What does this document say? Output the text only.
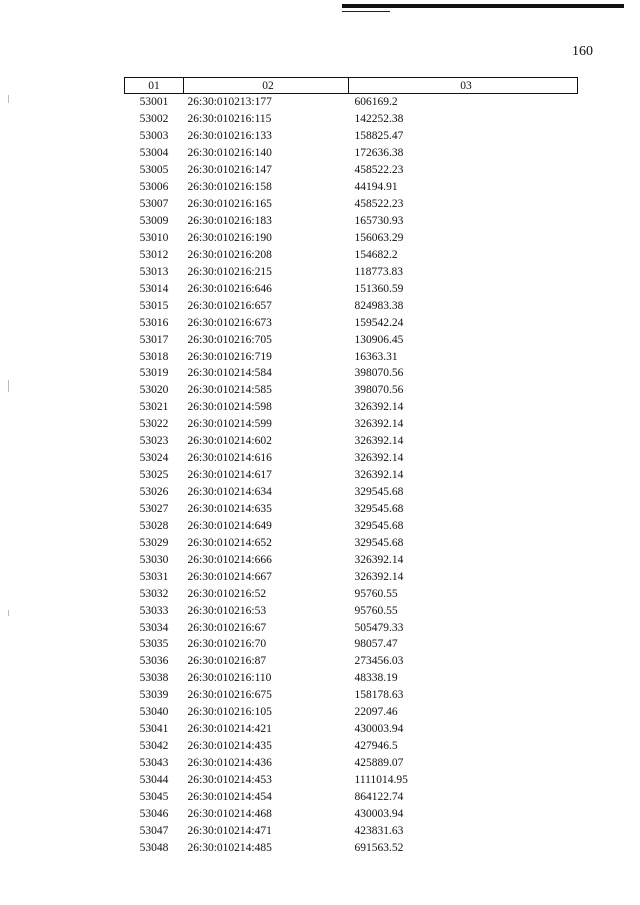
160
01	02	03
53001	26:30:010213:177	606169.2
53002	26:30:010216:115	142252.38
53003	26:30:010216:133	158825.47
53004	26:30:010216:140	172636.38
53005	26:30:010216:147	458522.23
53006	26:30:010216:158	44194.91
53007	26:30:010216:165	458522.23
53009	26:30:010216:183	165730.93
53010	26:30:010216:190	156063.29
53012	26:30:010216:208	154682.2
53013	26:30:010216:215	118773.83
53014	26:30:010216:646	151360.59
53015	26:30:010216:657	824983.38
53016	26:30:010216:673	159542.24
53017	26:30:010216:705	130906.45
53018	26:30:010216:719	16363.31
53019	26:30:010214:584	398070.56
53020	26:30:010214:585	398070.56
53021	26:30:010214:598	326392.14
53022	26:30:010214:599	326392.14
53023	26:30:010214:602	326392.14
53024	26:30:010214:616	326392.14
53025	26:30:010214:617	326392.14
53026	26:30:010214:634	329545.68
53027	26:30:010214:635	329545.68
53028	26:30:010214:649	329545.68
53029	26:30:010214:652	329545.68
53030	26:30:010214:666	326392.14
53031	26:30:010214:667	326392.14
53032	26:30:010216:52	95760.55
53033	26:30:010216:53	95760.55
53034	26:30:010216:67	505479.33
53035	26:30:010216:70	98057.47
53036	26:30:010216:87	273456.03
53038	26:30:010216:110	48338.19
53039	26:30:010216:675	158178.63
53040	26:30:010216:105	22097.46
53041	26:30:010214:421	430003.94
53042	26:30:010214:435	427946.5
53043	26:30:010214:436	425889.07
53044	26:30:010214:453	1111014.95
53045	26:30:010214:454	864122.74
53046	26:30:010214:468	430003.94
53047	26:30:010214:471	423831.63
53048	26:30:010214:485	691563.52
